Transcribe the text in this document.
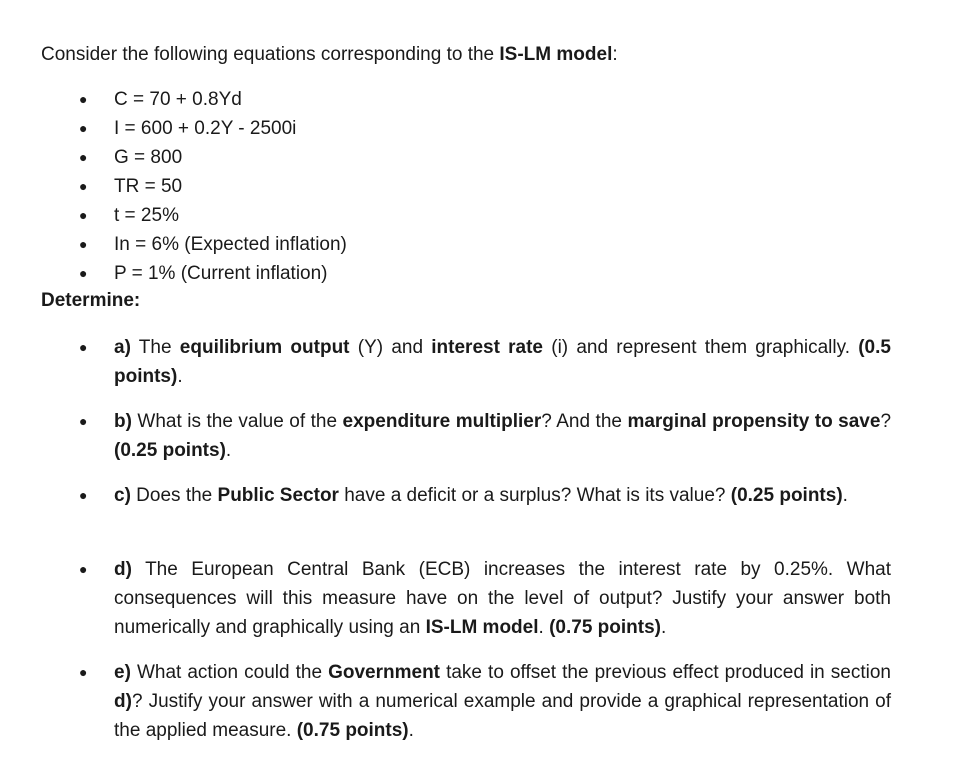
Consider the following equations corresponding to the IS-LM model:
● C = 70 + 0.8Yd
● I = 600 + 0.2Y - 2500i
● G = 800
● TR = 50
● t = 25%
● In = 6% (Expected inflation)
● P = 1% (Current inflation)
Determine:
● a) The equilibrium output (Y) and interest rate (i) and represent them graphically. (0.5 points).
● b) What is the value of the expenditure multiplier? And the marginal propensity to save? (0.25 points).
● c) Does the Public Sector have a deficit or a surplus? What is its value? (0.25 points).
● d) The European Central Bank (ECB) increases the interest rate by 0.25%. What consequences will this measure have on the level of output? Justify your answer both numerically and graphically using an IS-LM model. (0.75 points).
● e) What action could the Government take to offset the previous effect produced in section d)? Justify your answer with a numerical example and provide a graphical representation of the applied measure. (0.75 points).
